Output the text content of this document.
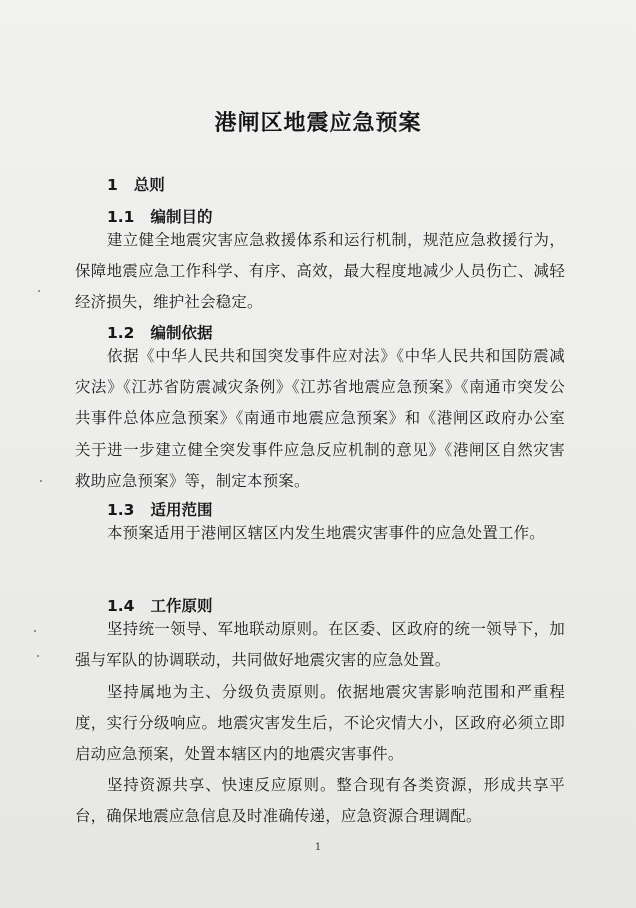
港闸区地震应急预案
1 总则
1.1 编制目的

建立健全地震灾害应急救援体系和运行机制，规范应急救援行为，保障地震应急工作科学、有序、高效，最大程度地减少人员伤亡、减轻经济损失，维护社会稳定。

1.2 编制依据

依据《中华人民共和国突发事件应对法》《中华人民共和国防震减灾法》《江苏省防震减灾条例》《江苏省地震应急预案》《南通市突发公共事件总体应急预案》《南通市地震应急预案》和《港闸区政府办公室关于进一步建立健全突发事件应急反应机制的意见》《港闸区自然灾害救助应急预案》等，制定本预案。

1.3 适用范围

本预案适用于港闸区辖区内发生地震灾害事件的应急处置工作。

1.4 工作原则

坚持统一领导、军地联动原则。在区委、区政府的统一领导下，加强与军队的协调联动，共同做好地震灾害的应急处置。

坚持属地为主、分级负责原则。依据地震灾害影响范围和严重程度，实行分级响应。地震灾害发生后，不论灾情大小，区政府必须立即启动应急预案，处置本辖区内的地震灾害事件。

坚持资源共享、快速反应原则。整合现有各类资源，形成共享平台，确保地震应急信息及时准确传递，应急资源合理调配。

1
